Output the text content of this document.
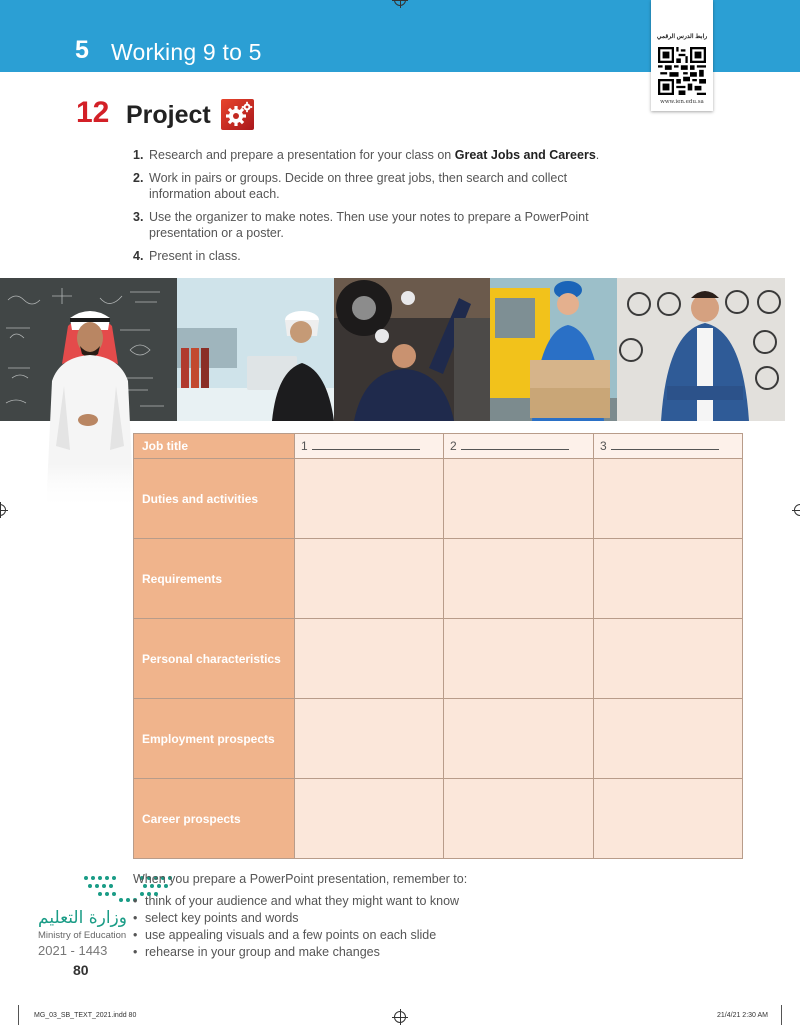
5 Working 9 to 5
رابط الدرس الرقمي
www.ien.edu.sa
12 Project
1. Research and prepare a presentation for your class on Great Jobs and Careers.
2. Work in pairs or groups. Decide on three great jobs, then search and collect information about each.
3. Use the organizer to make notes. Then use your notes to prepare a PowerPoint presentation or a poster.
4. Present in class.
Job title	1	2	3
Duties and activities			
Requirements			
Personal characteristics			
Employment prospects			
Career prospects			
وزارة التعليم
Ministry of Education
2021 - 1443
80
When you prepare a PowerPoint presentation, remember to:
• think of your audience and what they might want to know
• select key points and words
• use appealing visuals and a few points on each slide
• rehearse in your group and make changes
MG_03_SB_TEXT_2021.indd 80	21/4/21 2:30 AM
